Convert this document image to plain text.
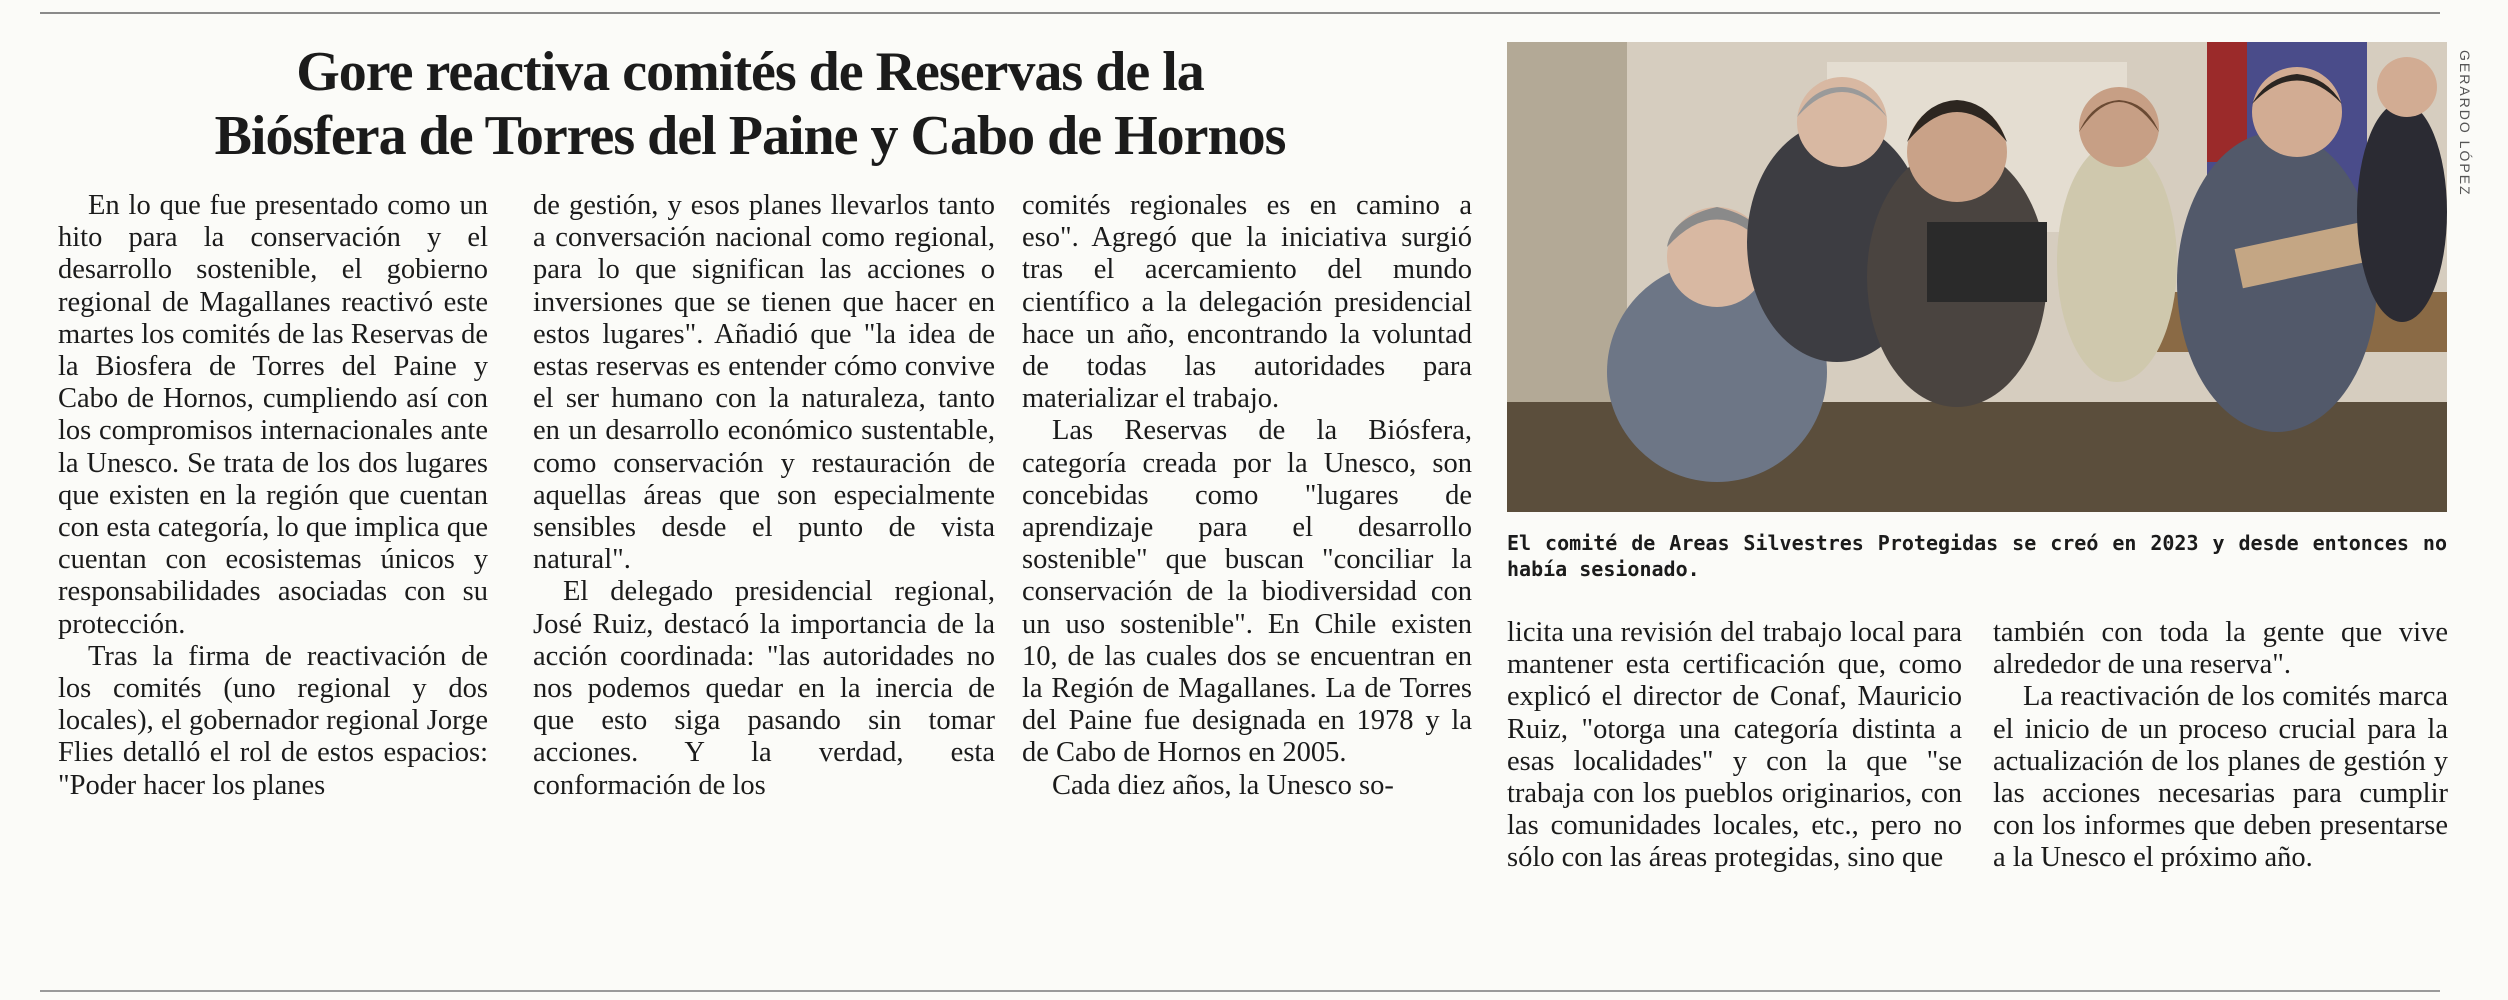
Gore reactiva comités de Reservas de la
Biósfera de Torres del Paine y Cabo de Hornos

En lo que fue presentado como un hito para la conservación y el desarrollo sostenible, el gobierno regional de Magallanes reactivó este martes los comités de las Reservas de la Biosfera de Torres del Paine y Cabo de Hornos, cumpliendo así con los compromisos internacionales ante la Unesco. Se trata de los dos lugares que existen en la región que cuentan con esta categoría, lo que implica que cuentan con ecosistemas únicos y responsabilidades asociadas con su protección.

Tras la firma de reactivación de los comités (uno regional y dos locales), el gobernador regional Jorge Flies detalló el rol de estos espacios: "Poder hacer los planes

de gestión, y esos planes llevarlos tanto a conversación nacional como regional, para lo que significan las acciones o inversiones que se tienen que hacer en estos lugares". Añadió que "la idea de estas reservas es entender cómo convive el ser humano con la naturaleza, tanto en un desarrollo económico sustentable, como conservación y restauración de aquellas áreas que son especialmente sensibles desde el punto de vista natural".

El delegado presidencial regional, José Ruiz, destacó la importancia de la acción coordinada: "las autoridades no nos podemos quedar en la inercia de que esto siga pasando sin tomar acciones. Y la verdad, esta conformación de los

comités regionales es en camino a eso". Agregó que la iniciativa surgió tras el acercamiento del mundo científico a la delegación presidencial hace un año, encontrando la voluntad de todas las autoridades para materializar el trabajo.

Las Reservas de la Biósfera, categoría creada por la Unesco, son concebidas como "lugares de aprendizaje para el desarrollo sostenible" que buscan "conciliar la conservación de la biodiversidad con un uso sostenible". En Chile existen 10, de las cuales dos se encuentran en la Región de Magallanes. La de Torres del Paine fue designada en 1978 y la de Cabo de Hornos en 2005.

Cada diez años, la Unesco so-

GERARDO LÓPEZ

El comité de Areas Silvestres Protegidas se creó en 2023 y desde entonces no había sesionado.

licita una revisión del trabajo local para mantener esta certificación que, como explicó el director de Conaf, Mauricio Ruiz, "otorga una categoría distinta a esas localidades" y con la que "se trabaja con los pueblos originarios, con las comunidades locales, etc., pero no sólo con las áreas protegidas, sino que

también con toda la gente que vive alrededor de una reserva".

La reactivación de los comités marca el inicio de un proceso crucial para la actualización de los planes de gestión y las acciones necesarias para cumplir con los informes que deben presentarse a la Unesco el próximo año.
